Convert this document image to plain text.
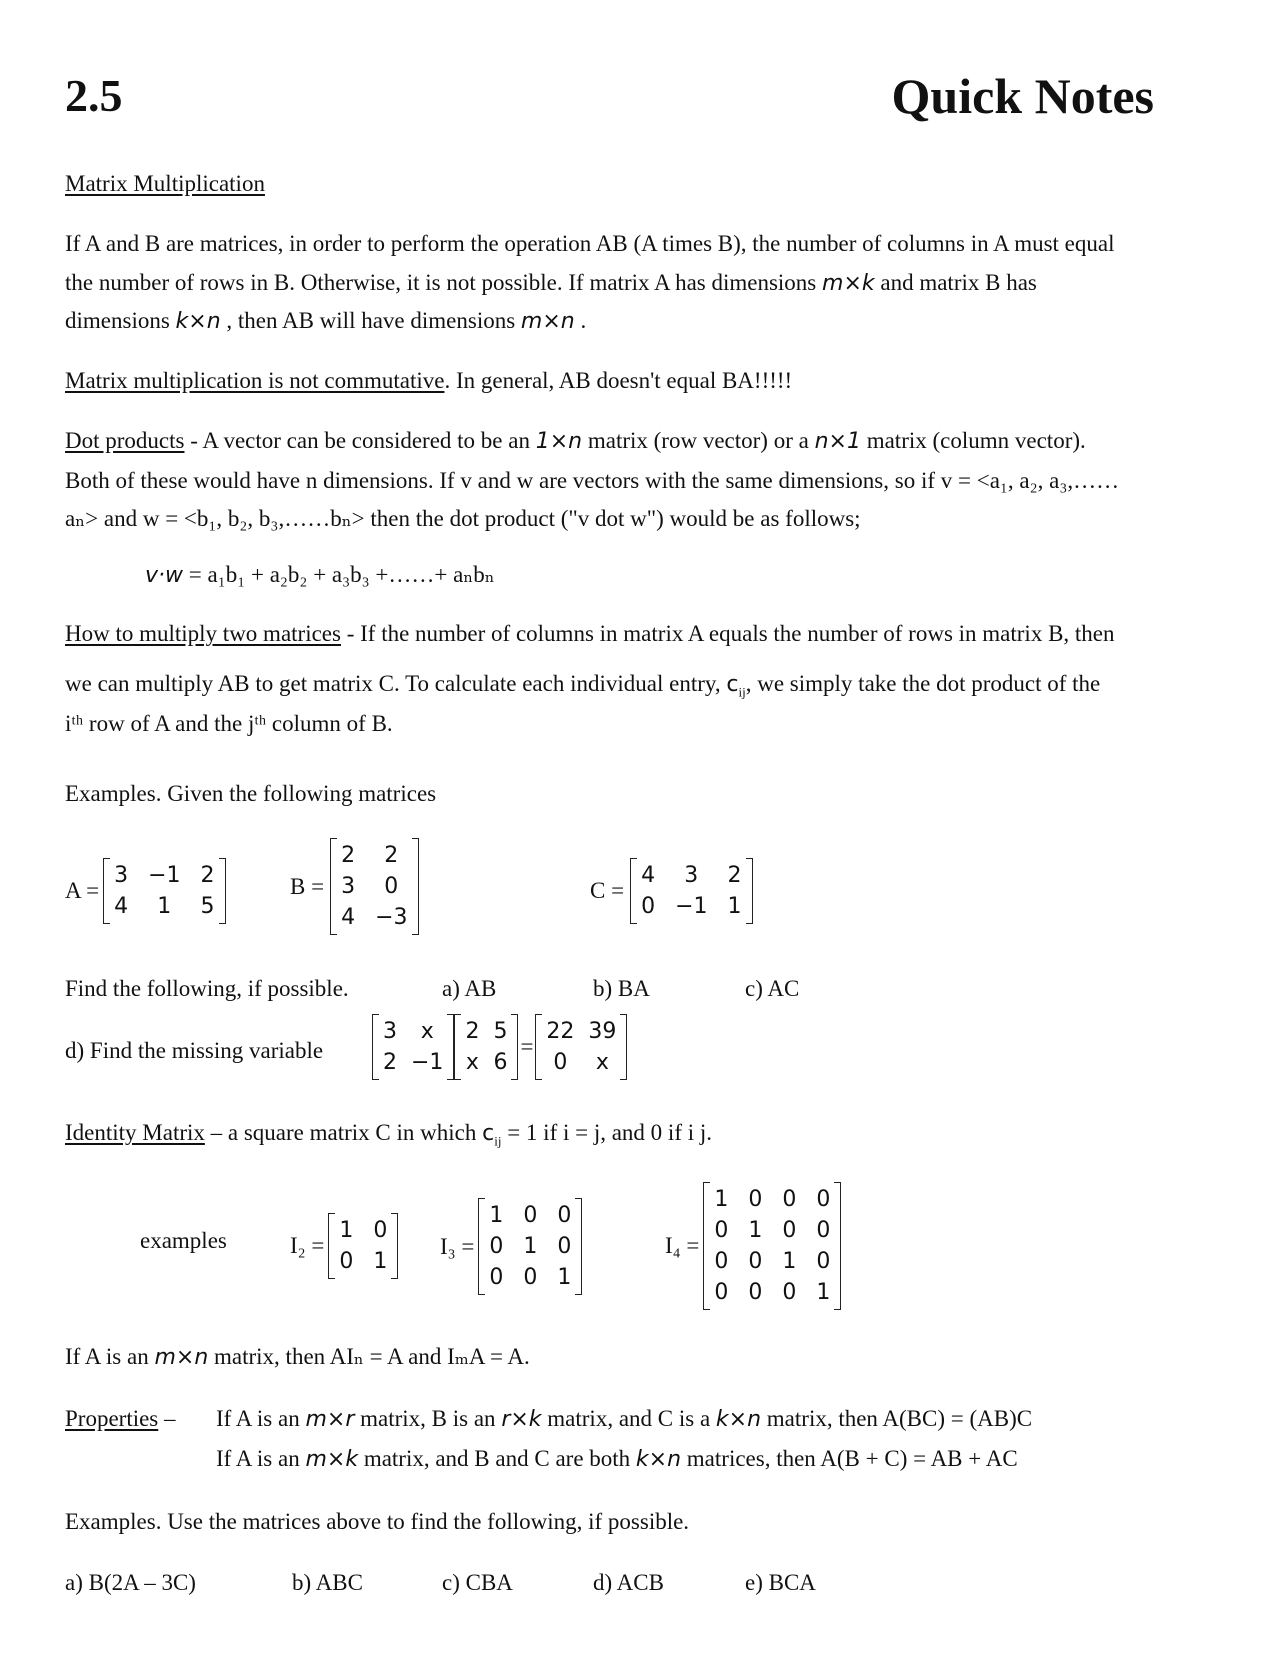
2.5	Quick Notes
Matrix Multiplication
If A and B are matrices, in order to perform the operation AB (A times B), the number of columns in A must equal
the number of rows in B. Otherwise, it is not possible. If matrix A has dimensions m×k and matrix B has
dimensions k×n , then AB will have dimensions m×n .
Matrix multiplication is not commutative. In general, AB doesn't equal BA!!!!!
Dot products - A vector can be considered to be an 1×n matrix (row vector) or a n×1 matrix (column vector).
Both of these would have n dimensions. If v and w are vectors with the same dimensions, so if v = <a₁, a₂, a₃,……
aₙ> and w = <b₁, b₂, b₃,……bₙ> then the dot product ("v dot w") would be as follows;
v·w = a₁b₁ + a₂b₂ + a₃b₃ +……+ aₙbₙ
How to multiply two matrices - If the number of columns in matrix A equals the number of rows in matrix B, then
we can multiply AB to get matrix C. To calculate each individual entry, $c_{ij}$, we simply take the dot product of the
iᵗʰ row of A and the jᵗʰ column of B.
Examples. Given the following matrices
A =
3 −1 2
4	1	5
B =
2	2
3	0
4 −3
C =
4	3	2
0 −1 1
Find the following, if possible.	a) AB	b) BA	c) AC
d) Find the missing variable
3	x
2 −1
2 5
x 6
=
22 39
0	x
Identity Matrix – a square matrix C in which $c_{ij} = 1$ if i = j, and 0 if i j.
examples	I₂ =
1 0
0 1
I₃ =
1 0 0
0 1 0
0 0 1
I₄ =
1 0 0 0
0 1 0 0
0 0 1 0
0 0 0 1
If A is an m×n matrix, then AIₙ = A and IₘA = A.
Properties – If A is an m×r matrix, B is an r×k matrix, and C is a k×n matrix, then A(BC) = (AB)C
If A is an m×k matrix, and B and C are both k×n matrices, then A(B + C) = AB + AC
Examples. Use the matrices above to find the following, if possible.
a) B(2A – 3C)	b) ABC	c) CBA	d) ACB	e) BCA
